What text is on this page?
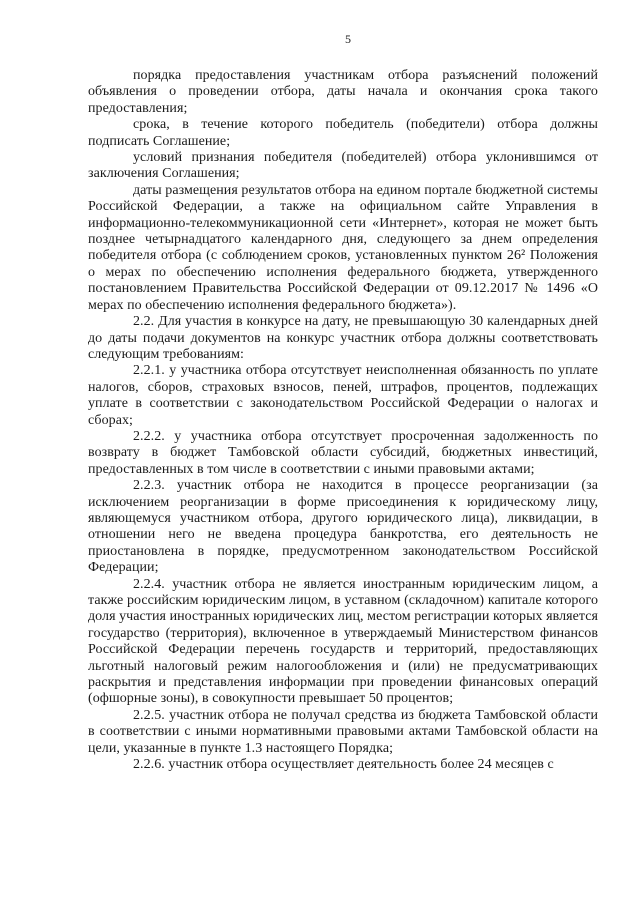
5

порядка предоставления участникам отбора разъяснений положений объявления о проведении отбора, даты начала и окончания срока такого предоставления;

срока, в течение которого победитель (победители) отбора должны подписать Соглашение;

условий признания победителя (победителей) отбора уклонившимся от заключения Соглашения;

даты размещения результатов отбора на едином портале бюджетной системы Российской Федерации, а также на официальном сайте Управления в информационно-телекоммуникационной сети «Интернет», которая не может быть позднее четырнадцатого календарного дня, следующего за днем определения победителя отбора (с соблюдением сроков, установленных пунктом 26² Положения о мерах по обеспечению исполнения федерального бюджета, утвержденного постановлением Правительства Российской Федерации от 09.12.2017 № 1496 «О мерах по обеспечению исполнения федерального бюджета»).

2.2. Для участия в конкурсе на дату, не превышающую 30 календарных дней до даты подачи документов на конкурс участник отбора должны соответствовать следующим требованиям:

2.2.1. у участника отбора отсутствует неисполненная обязанность по уплате налогов, сборов, страховых взносов, пеней, штрафов, процентов, подлежащих уплате в соответствии с законодательством Российской Федерации о налогах и сборах;

2.2.2. у участника отбора отсутствует просроченная задолженность по возврату в бюджет Тамбовской области субсидий, бюджетных инвестиций, предоставленных в том числе в соответствии с иными правовыми актами;

2.2.3. участник отбора не находится в процессе реорганизации (за исключением реорганизации в форме присоединения к юридическому лицу, являющемуся участником отбора, другого юридического лица), ликвидации, в отношении него не введена процедура банкротства, его деятельность не приостановлена в порядке, предусмотренном законодательством Российской Федерации;

2.2.4. участник отбора не является иностранным юридическим лицом, а также российским юридическим лицом, в уставном (складочном) капитале которого доля участия иностранных юридических лиц, местом регистрации которых является государство (территория), включенное в утверждаемый Министерством финансов Российской Федерации перечень государств и территорий, предоставляющих льготный налоговый режим налогообложения и (или) не предусматривающих раскрытия и представления информации при проведении финансовых операций (офшорные зоны), в совокупности превышает 50 процентов;

2.2.5. участник отбора не получал средства из бюджета Тамбовской области в соответствии с иными нормативными правовыми актами Тамбовской области на цели, указанные в пункте 1.3 настоящего Порядка;

2.2.6. участник отбора осуществляет деятельность более 24 месяцев с
